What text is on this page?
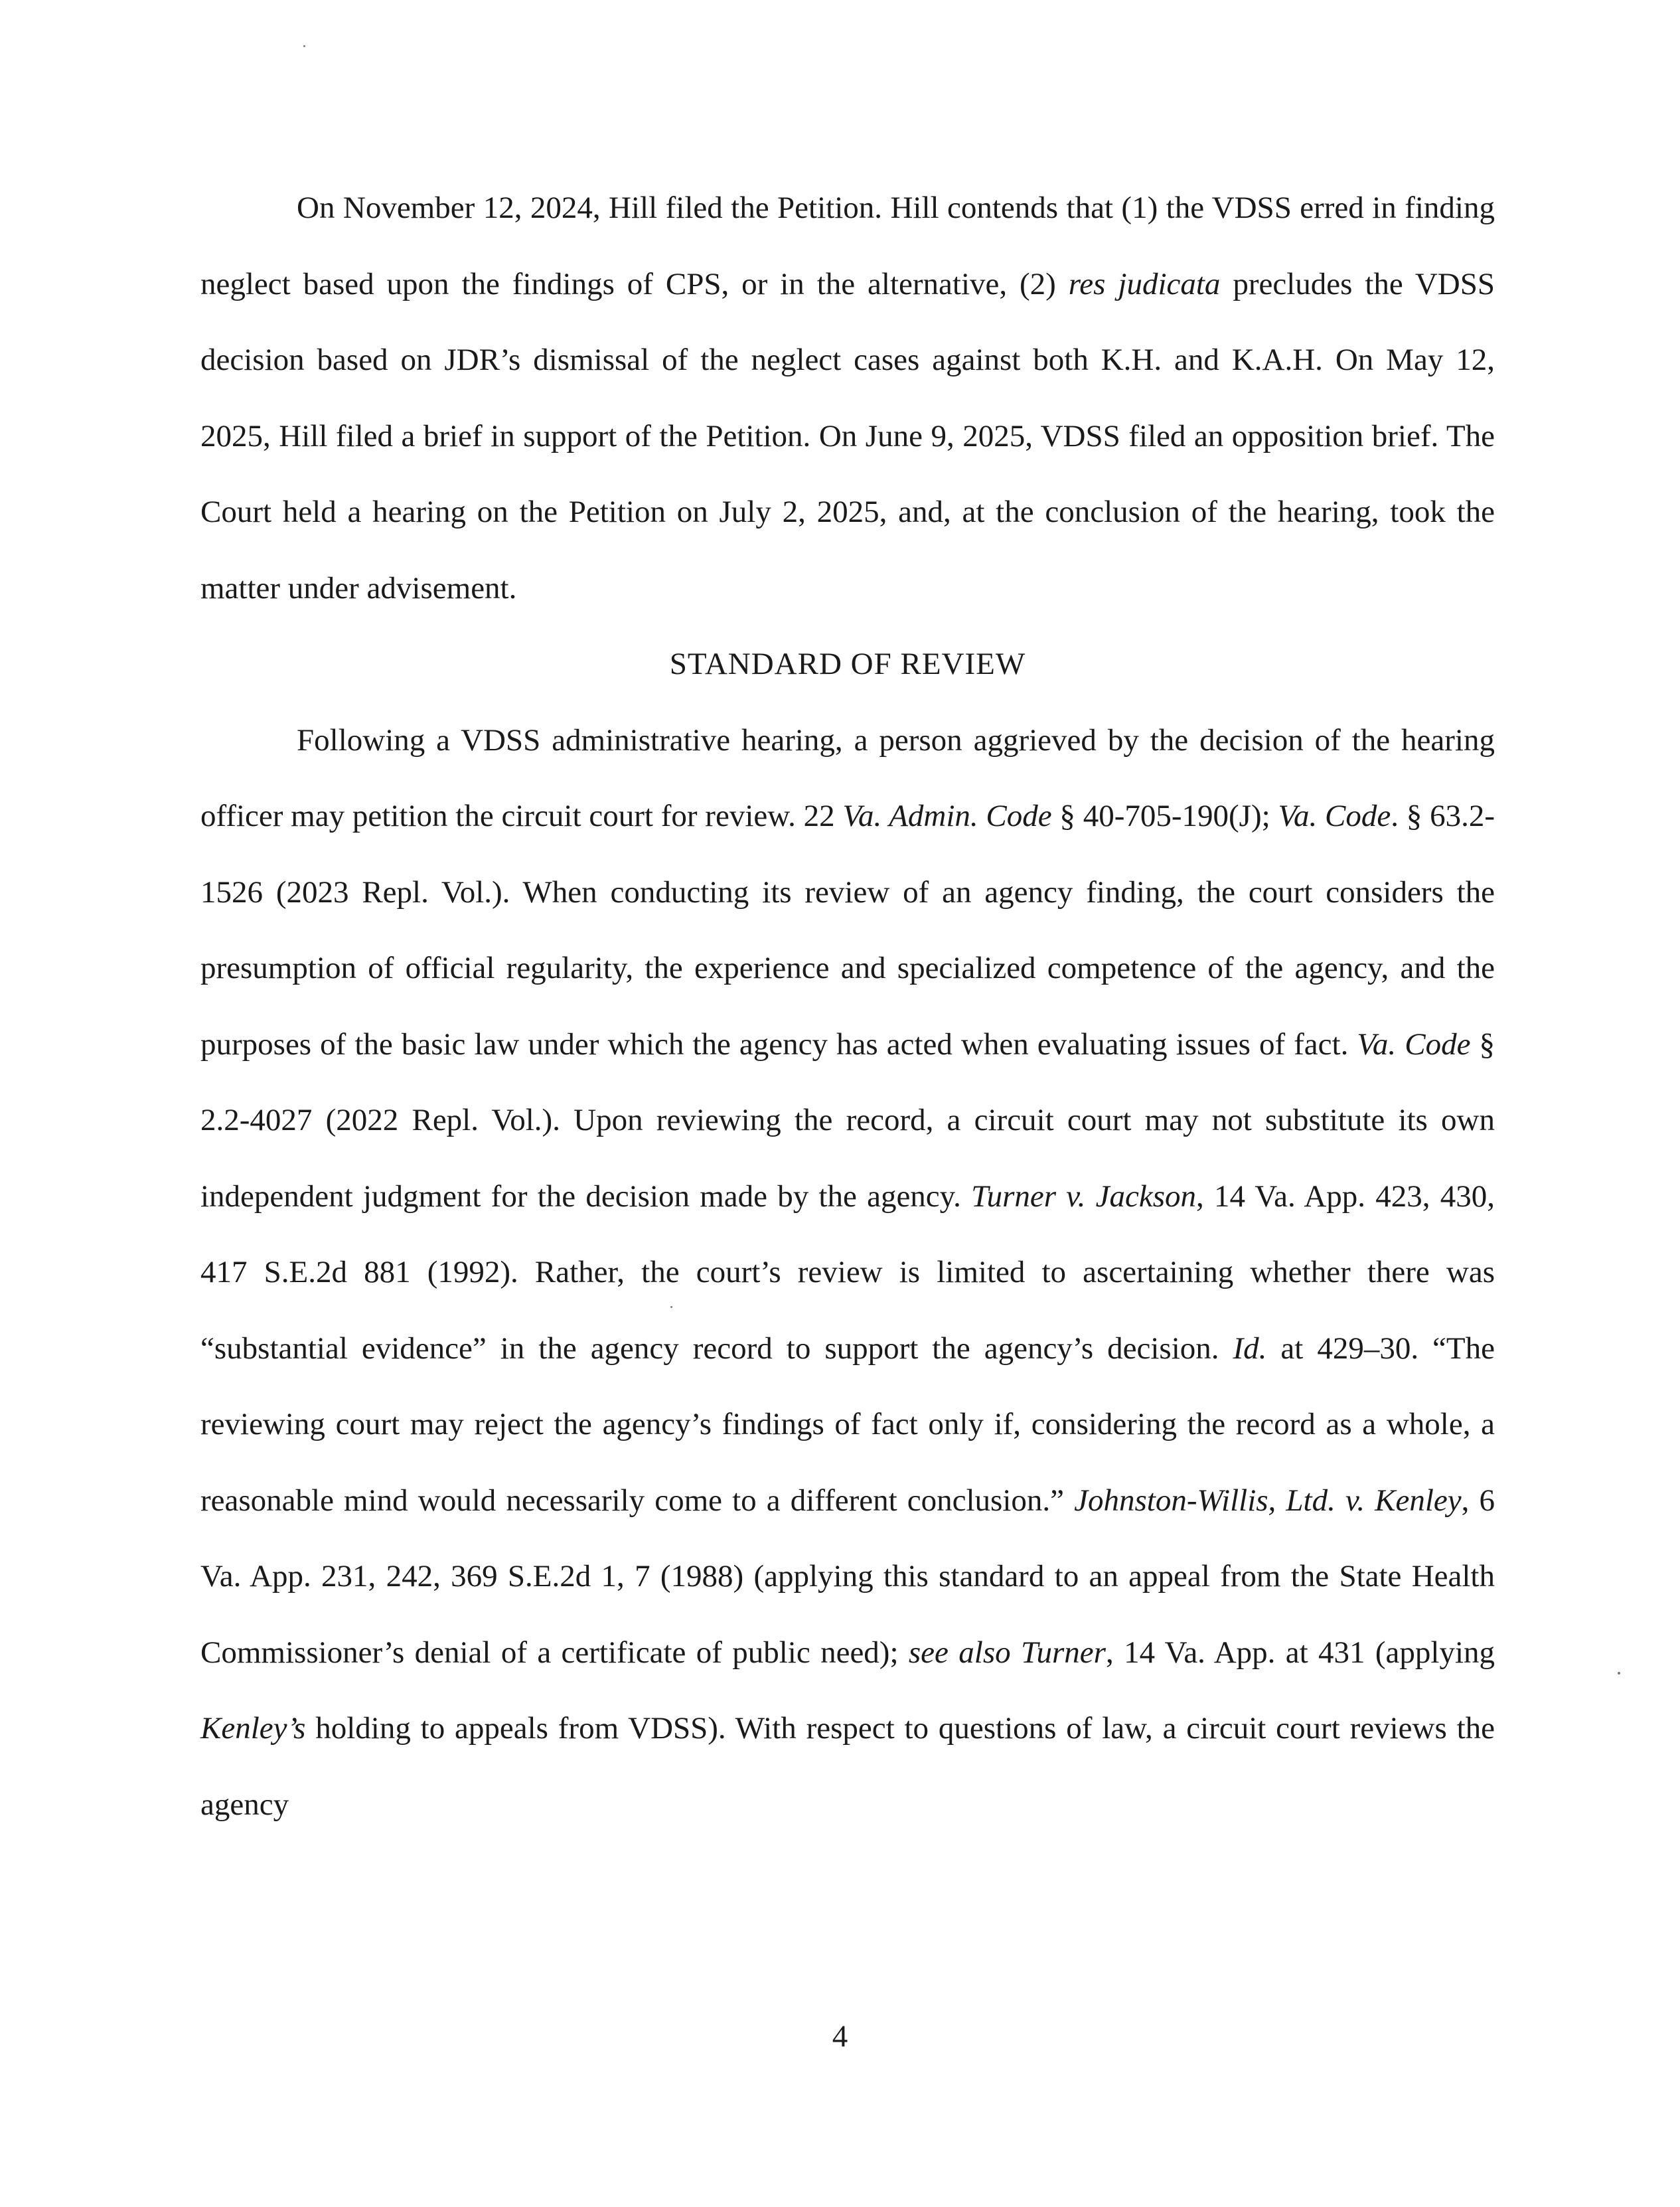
On November 12, 2024, Hill filed the Petition. Hill contends that (1) the VDSS erred in finding neglect based upon the findings of CPS, or in the alternative, (2) res judicata precludes the VDSS decision based on JDR’s dismissal of the neglect cases against both K.H. and K.A.H. On May 12, 2025, Hill filed a brief in support of the Petition. On June 9, 2025, VDSS filed an opposition brief. The Court held a hearing on the Petition on July 2, 2025, and, at the conclusion of the hearing, took the matter under advisement.

STANDARD OF REVIEW

Following a VDSS administrative hearing, a person aggrieved by the decision of the hearing officer may petition the circuit court for review. 22 Va. Admin. Code § 40-705-190(J); Va. Code. § 63.2-1526 (2023 Repl. Vol.). When conducting its review of an agency finding, the court considers the presumption of official regularity, the experience and specialized competence of the agency, and the purposes of the basic law under which the agency has acted when evaluating issues of fact. Va. Code § 2.2-4027 (2022 Repl. Vol.). Upon reviewing the record, a circuit court may not substitute its own independent judgment for the decision made by the agency. Turner v. Jackson, 14 Va. App. 423, 430, 417 S.E.2d 881 (1992). Rather, the court’s review is limited to ascertaining whether there was “substantial evidence” in the agency record to support the agency’s decision. Id. at 429–30. “The reviewing court may reject the agency’s findings of fact only if, considering the record as a whole, a reasonable mind would necessarily come to a different conclusion.” Johnston-Willis, Ltd. v. Kenley, 6 Va. App. 231, 242, 369 S.E.2d 1, 7 (1988) (applying this standard to an appeal from the State Health Commissioner’s denial of a certificate of public need); see also Turner, 14 Va. App. at 431 (applying Kenley’s holding to appeals from VDSS). With respect to questions of law, a circuit court reviews the agency

4
